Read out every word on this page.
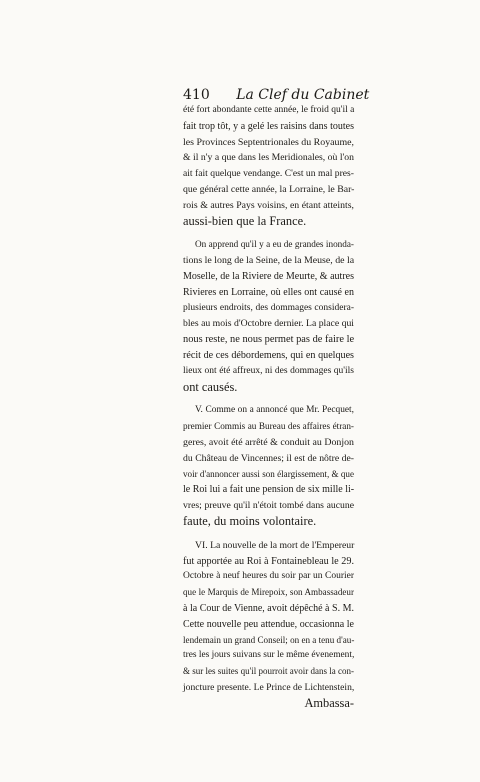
410 La Clef du Cabinet
été fort abondante cette année, le froid qu'il a
fait trop tôt, y a gelé les raisins dans toutes
les Provinces Septentrionales du Royaume,
& il n'y a que dans les Meridionales, où l'on
ait fait quelque vendange. C'est un mal pres-
que général cette année, la Lorraine, le Bar-
rois & autres Pays voisins, en étant atteints,
aussi-bien que la France.
On apprend qu'il y a eu de grandes inonda-
tions le long de la Seine, de la Meuse, de la
Moselle, de la Riviere de Meurte, & autres
Rivieres en Lorraine, où elles ont causé en
plusieurs endroits, des dommages considera-
bles au mois d'Octobre dernier. La place qui
nous reste, ne nous permet pas de faire le
récit de ces débordemens, qui en quelques
lieux ont été affreux, ni des dommages qu'ils
ont causés.
V. Comme on a annoncé que Mr. Pecquet,
premier Commis au Bureau des affaires étran-
geres, avoit été arrêté & conduit au Donjon
du Château de Vincennes; il est de nôtre de-
voir d'annoncer aussi son élargissement, & que
le Roi lui a fait une pension de six mille li-
vres; preuve qu'il n'étoit tombé dans aucune
faute, du moins volontaire.
VI. La nouvelle de la mort de l'Empereur
fut apportée au Roi à Fontainebleau le 29.
Octobre à neuf heures du soir par un Courier
que le Marquis de Mirepoix, son Ambassadeur
à la Cour de Vienne, avoit dépêché à S. M.
Cette nouvelle peu attendue, occasionna le
lendemain un grand Conseil; on en a tenu d'au-
tres les jours suivans sur le même évenement,
& sur les suites qu'il pourroit avoir dans la con-
joncture presente. Le Prince de Lichtenstein,
Ambassa-
